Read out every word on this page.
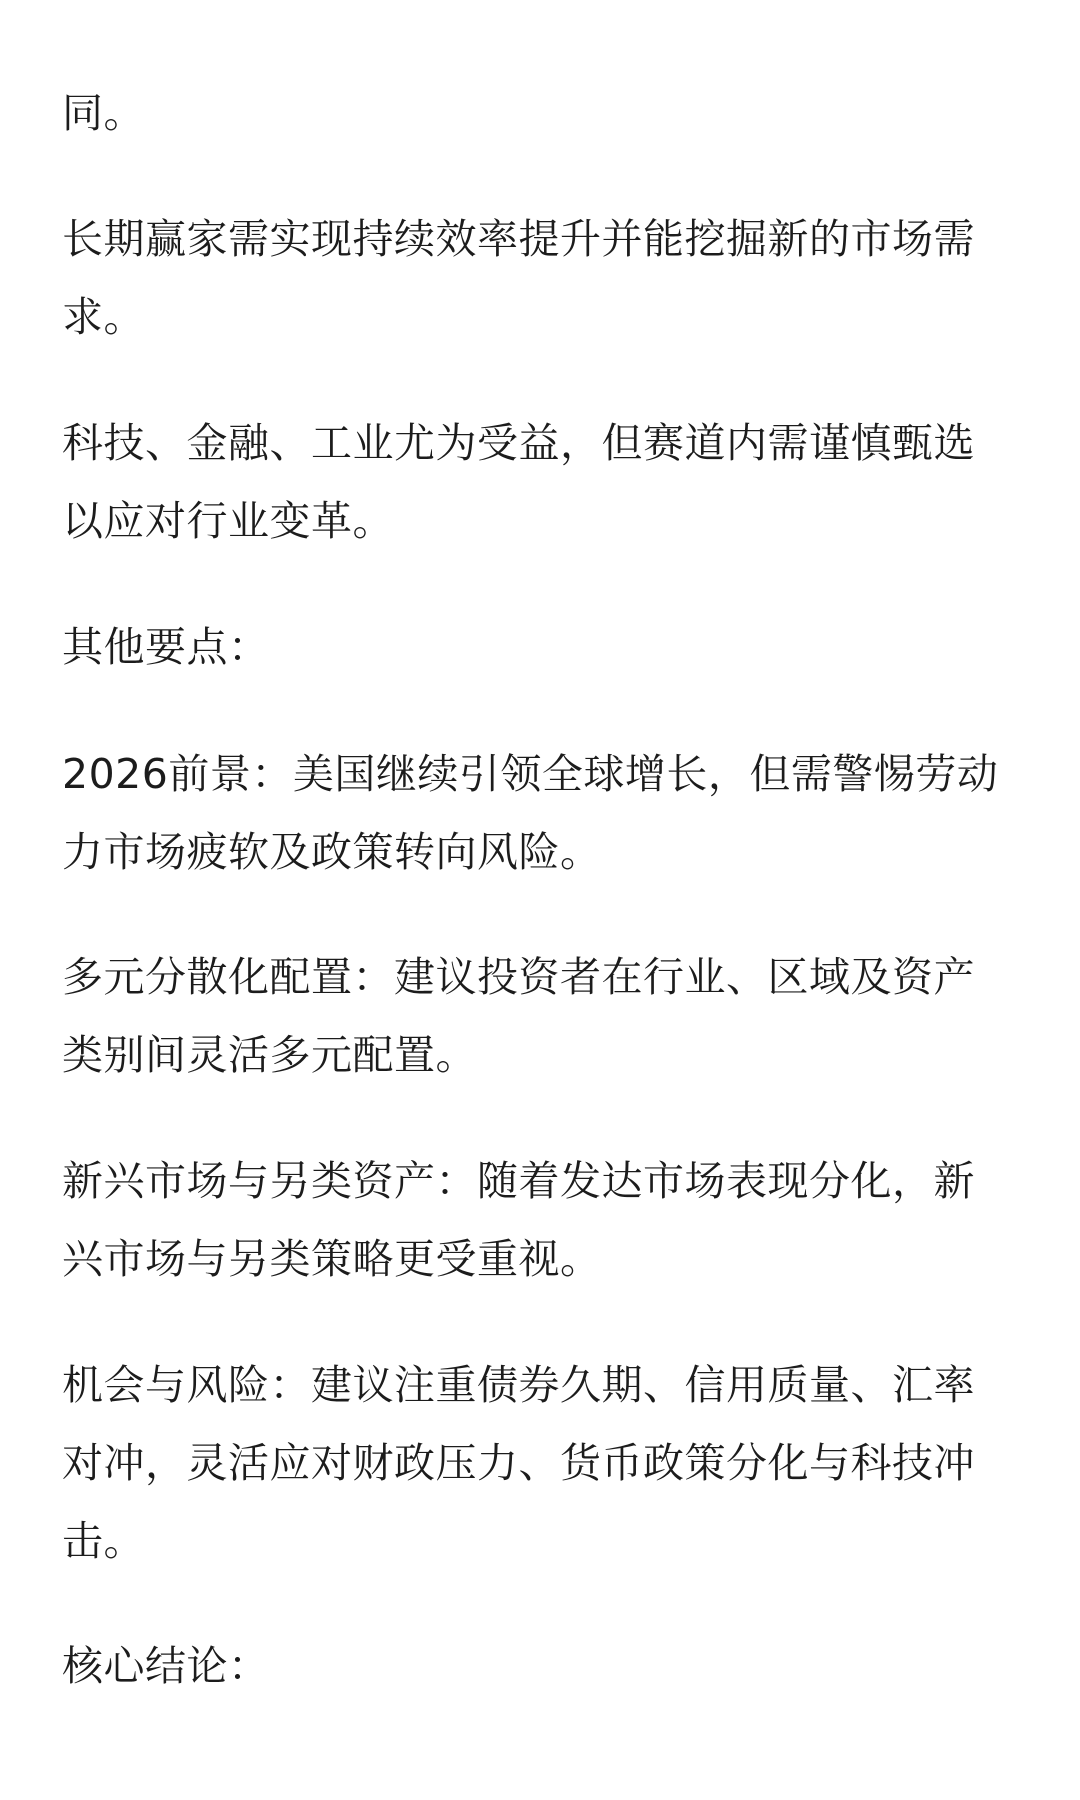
同。
长期赢家需实现持续效率提升并能挖掘新的市场需
求。
科技、金融、工业尤为受益，但赛道内需谨慎甄选
以应对行业变革。
其他要点：
2026前景：美国继续引领全球增长，但需警惕劳动
力市场疲软及政策转向风险。
多元分散化配置：建议投资者在行业、区域及资产
类别间灵活多元配置。
新兴市场与另类资产：随着发达市场表现分化，新
兴市场与另类策略更受重视。
机会与风险：建议注重债券久期、信用质量、汇率
对冲，灵活应对财政压力、货币政策分化与科技冲
击。
核心结论：
